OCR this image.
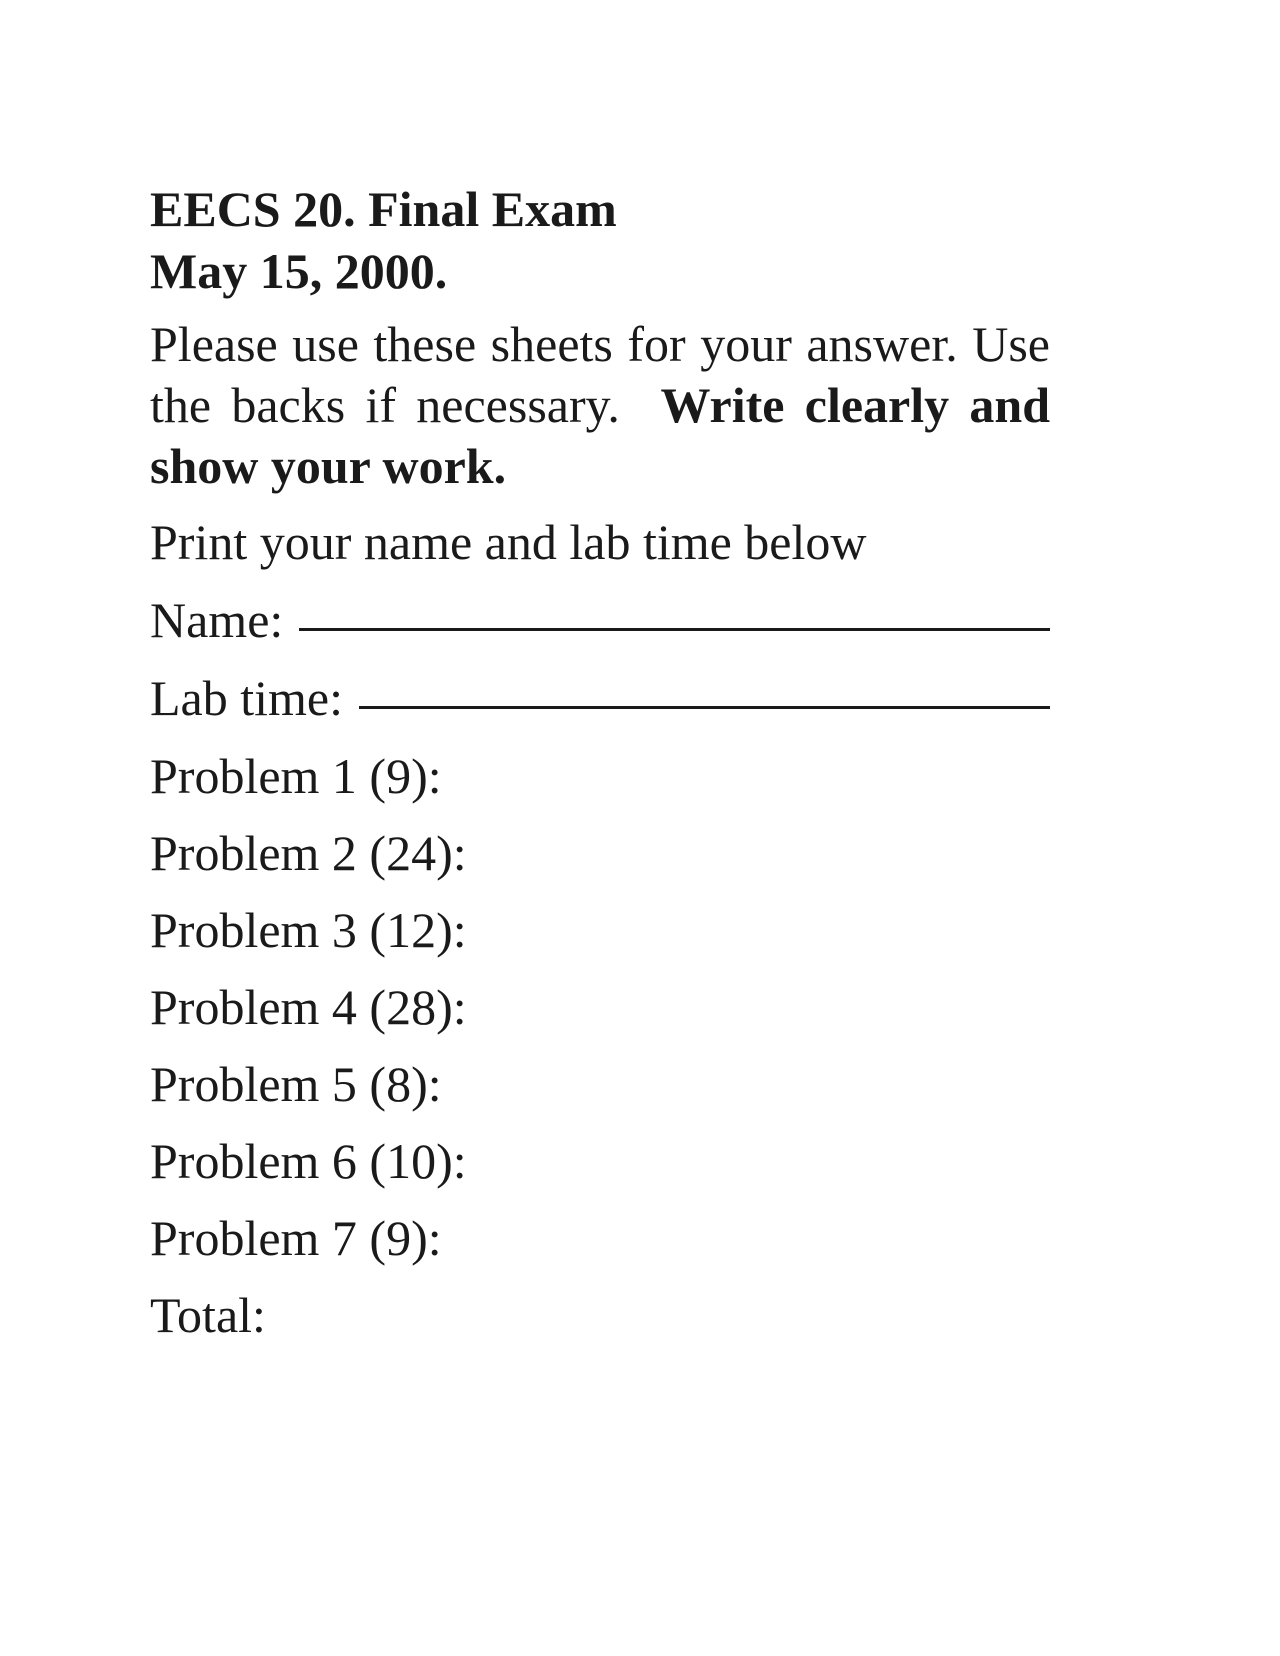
EECS 20. Final Exam

May 15, 2000.

Please use these sheets for your answer. Use the backs if necessary. Write clearly and show your work.

Print your name and lab time below

Name:
Lab time:
Problem 1 (9):
Problem 2 (24):
Problem 3 (12):
Problem 4 (28):
Problem 5 (8):
Problem 6 (10):
Problem 7 (9):
Total:
